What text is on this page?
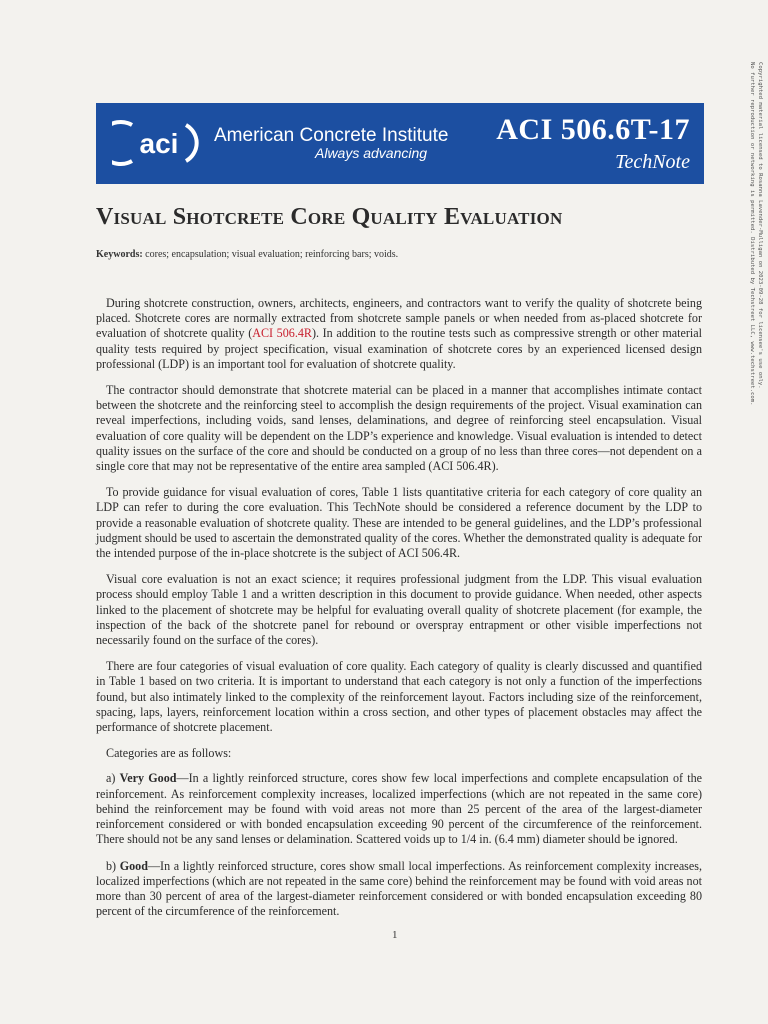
aci American Concrete Institute
Always advancing
ACI 506.6T-17
TechNote
Visual Shotcrete Core Quality Evaluation
Keywords: cores; encapsulation; visual evaluation; reinforcing bars; voids.

During shotcrete construction, owners, architects, engineers, and contractors want to verify the quality of shotcrete being placed. Shotcrete cores are normally extracted from shotcrete sample panels or when needed from as-placed shotcrete for evaluation of shotcrete quality (ACI 506.4R). In addition to the routine tests such as compressive strength or other material quality tests required by project specification, visual examination of shotcrete cores by an experienced licensed design professional (LDP) is an important tool for evaluation of shotcrete quality.

The contractor should demonstrate that shotcrete material can be placed in a manner that accomplishes intimate contact between the shotcrete and the reinforcing steel to accomplish the design requirements of the project. Visual examination can reveal imperfections, including voids, sand lenses, delaminations, and degree of reinforcing steel encapsulation. Visual evaluation of core quality will be dependent on the LDP’s experience and knowledge. Visual evaluation is intended to detect quality issues on the surface of the core and should be conducted on a group of no less than three cores—not dependent on a single core that may not be representative of the entire area sampled (ACI 506.4R).

To provide guidance for visual evaluation of cores, Table 1 lists quantitative criteria for each category of core quality an LDP can refer to during the core evaluation. This TechNote should be considered a reference document by the LDP to provide a reasonable evaluation of shotcrete quality. These are intended to be general guidelines, and the LDP’s professional judgment should be used to ascertain the demonstrated quality of the cores. Whether the demonstrated quality is adequate for the intended purpose of the in-place shotcrete is the subject of ACI 506.4R.

Visual core evaluation is not an exact science; it requires professional judgment from the LDP. This visual evaluation process should employ Table 1 and a written description in this document to provide guidance. When needed, other aspects linked to the placement of shotcrete may be helpful for evaluating overall quality of shotcrete placement (for example, the inspection of the back of the shotcrete panel for rebound or overspray entrapment or other visible imperfections not necessarily found on the surface of the cores).

There are four categories of visual evaluation of core quality. Each category of quality is clearly discussed and quantified in Table 1 based on two criteria. It is important to understand that each category is not only a function of the imperfections found, but also intimately linked to the complexity of the reinforcement layout. Factors including size of the reinforcement, spacing, laps, layers, reinforcement location within a cross section, and other types of placement obstacles may affect the performance of shotcrete placement.

Categories are as follows:

a) Very Good—In a lightly reinforced structure, cores show few local imperfections and complete encapsulation of the reinforcement. As reinforcement complexity increases, localized imperfections (which are not repeated in the same core) behind the reinforcement may be found with void areas not more than 25 percent of the area of the largest-diameter reinforcement considered or with bonded encapsulation exceeding 90 percent of the circumference of the reinforcement. There should not be any sand lenses or delamination. Scattered voids up to 1/4 in. (6.4 mm) diameter should be ignored.

b) Good—In a lightly reinforced structure, cores show small local imperfections. As reinforcement complexity increases, localized imperfections (which are not repeated in the same core) behind the reinforcement may be found with void areas not more than 30 percent of area of the largest-diameter reinforcement considered or with bonded encapsulation exceeding 80 percent of the circumference of the reinforcement.

1
Copyrighted material licensed to Rosanna Lavender-Mulligan on 2023-09-28 for licensee's use only.
No further reproduction or networking is permitted. Distributed by Techstreet LLC, www.techstreet.com.
